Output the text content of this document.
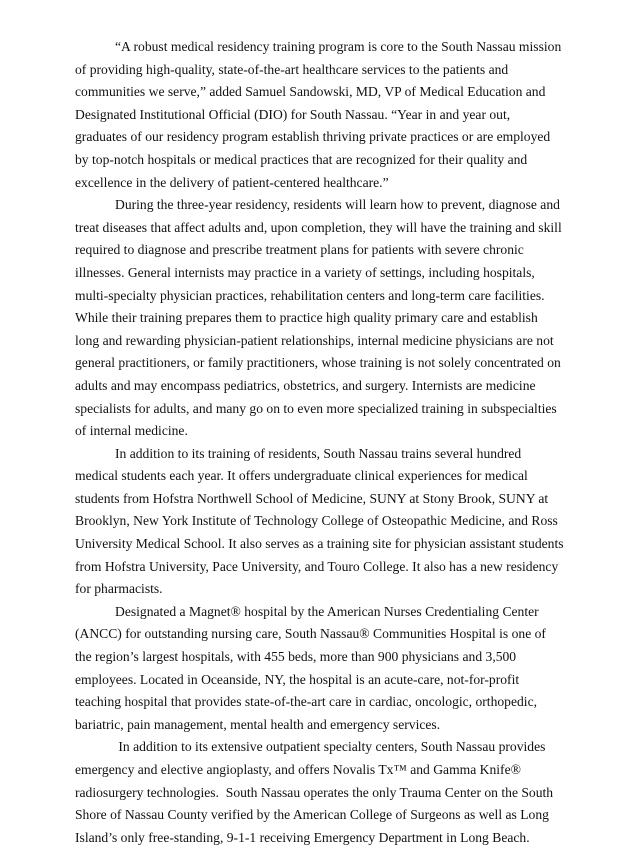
“A robust medical residency training program is core to the South Nassau mission of providing high-quality, state-of-the-art healthcare services to the patients and communities we serve,” added Samuel Sandowski, MD, VP of Medical Education and Designated Institutional Official (DIO) for South Nassau. “Year in and year out, graduates of our residency program establish thriving private practices or are employed by top-notch hospitals or medical practices that are recognized for their quality and excellence in the delivery of patient-centered healthcare.”

During the three-year residency, residents will learn how to prevent, diagnose and treat diseases that affect adults and, upon completion, they will have the training and skill required to diagnose and prescribe treatment plans for patients with severe chronic illnesses. General internists may practice in a variety of settings, including hospitals, multi-specialty physician practices, rehabilitation centers and long-term care facilities. While their training prepares them to practice high quality primary care and establish long and rewarding physician-patient relationships, internal medicine physicians are not general practitioners, or family practitioners, whose training is not solely concentrated on adults and may encompass pediatrics, obstetrics, and surgery. Internists are medicine specialists for adults, and many go on to even more specialized training in subspecialties of internal medicine.

In addition to its training of residents, South Nassau trains several hundred medical students each year. It offers undergraduate clinical experiences for medical students from Hofstra Northwell School of Medicine, SUNY at Stony Brook, SUNY at Brooklyn, New York Institute of Technology College of Osteopathic Medicine, and Ross University Medical School. It also serves as a training site for physician assistant students from Hofstra University, Pace University, and Touro College. It also has a new residency for pharmacists.

Designated a Magnet® hospital by the American Nurses Credentialing Center (ANCC) for outstanding nursing care, South Nassau® Communities Hospital is one of the region’s largest hospitals, with 455 beds, more than 900 physicians and 3,500 employees. Located in Oceanside, NY, the hospital is an acute-care, not-for-profit teaching hospital that provides state-of-the-art care in cardiac, oncologic, orthopedic, bariatric, pain management, mental health and emergency services.

In addition to its extensive outpatient specialty centers, South Nassau provides emergency and elective angioplasty, and offers Novalis Tx™ and Gamma Knife® radiosurgery technologies.  South Nassau operates the only Trauma Center on the South Shore of Nassau County verified by the American College of Surgeons as well as Long Island’s only free-standing, 9-1-1 receiving Emergency Department in Long Beach.
